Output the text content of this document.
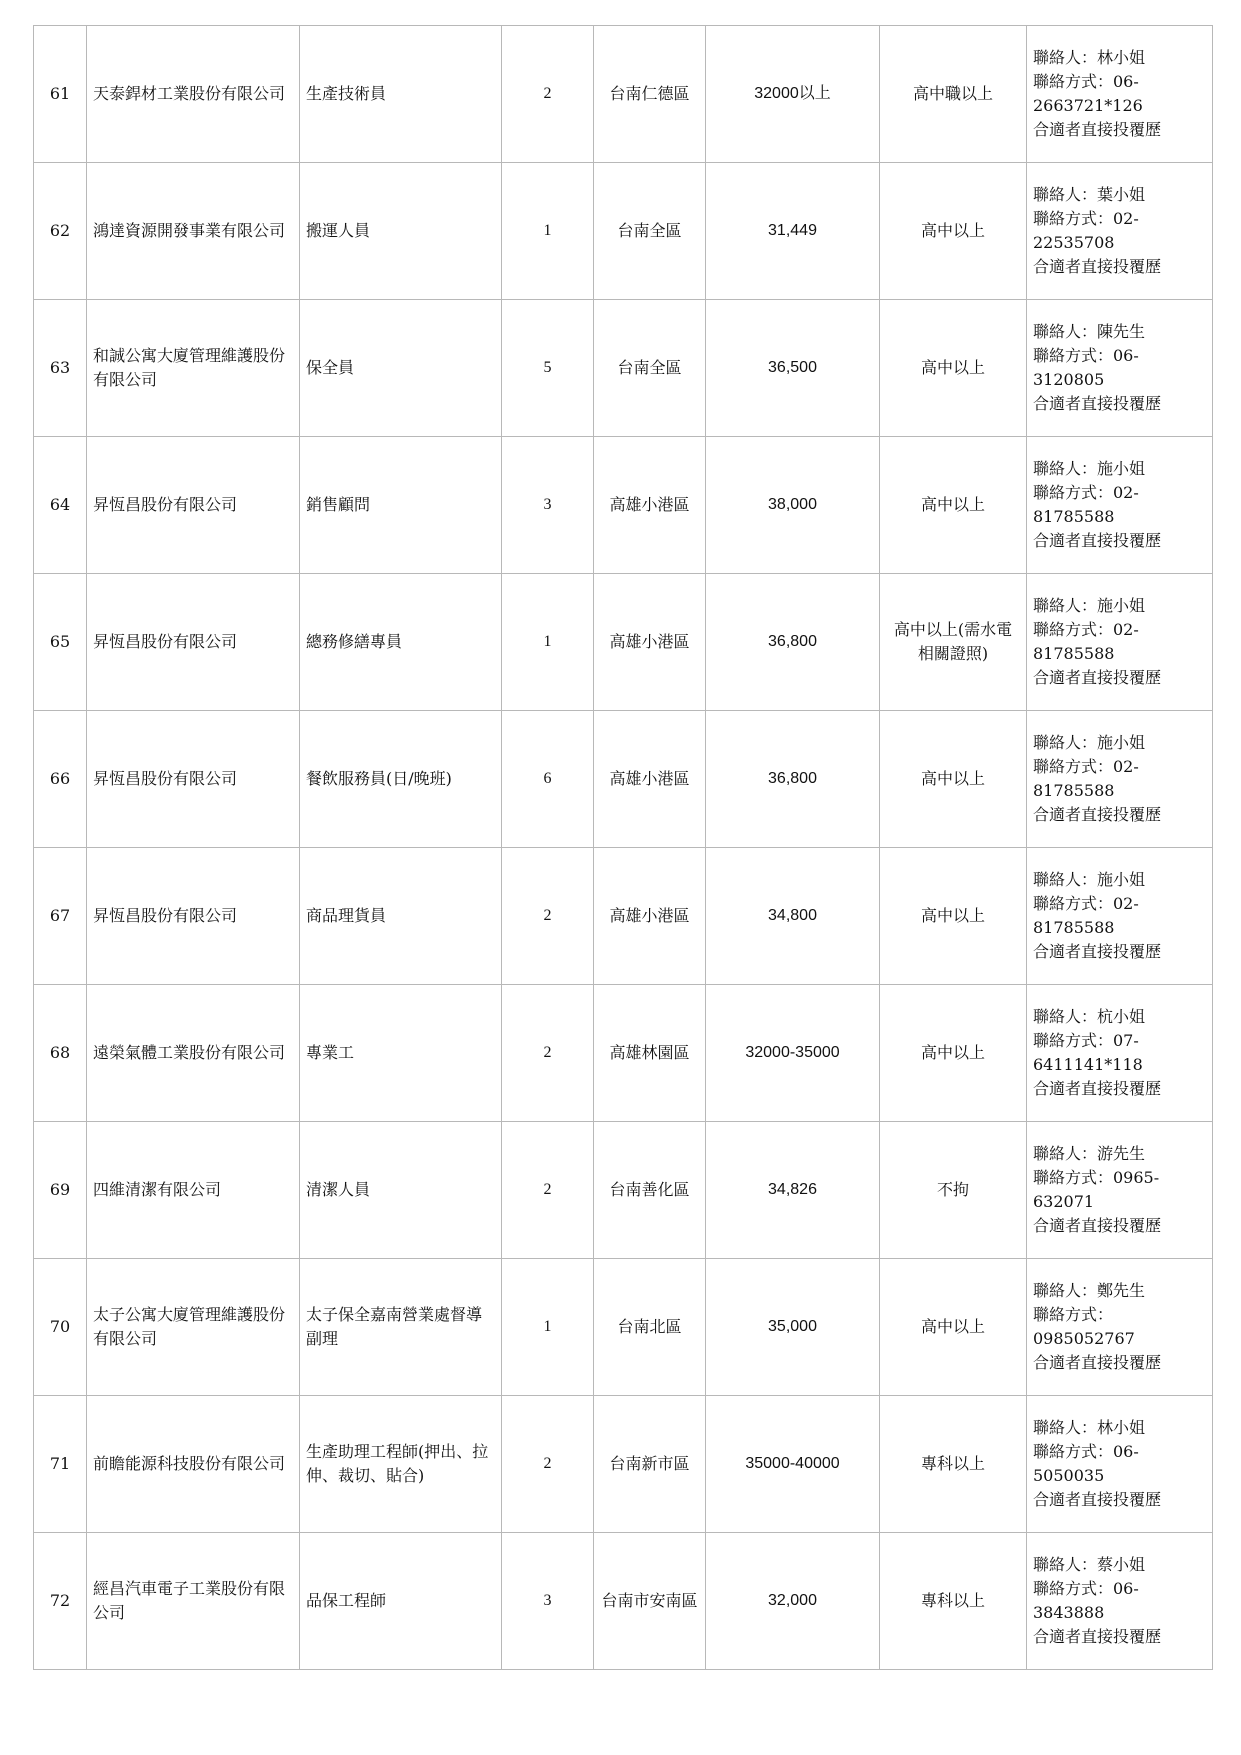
61	天泰銲材工業股份有限公司	生產技術員	2	台南仁德區	32000以上	高中職以上	聯絡人：林小姐
聯絡方式：06-
2663721*126
合適者直接投覆歷

62	鴻達資源開發事業有限公司	搬運人員	1	台南全區	31,449	高中以上	聯絡人：葉小姐
聯絡方式：02-
22535708
合適者直接投覆歷

63	和誠公寓大廈管理維護股份有限公司	保全員	5	台南全區	36,500	高中以上	聯絡人：陳先生
聯絡方式：06-
3120805
合適者直接投覆歷

64	昇恆昌股份有限公司	銷售顧問	3	高雄小港區	38,000	高中以上	聯絡人：施小姐
聯絡方式：02-
81785588
合適者直接投覆歷

65	昇恆昌股份有限公司	總務修繕專員	1	高雄小港區	36,800	高中以上(需水電相關證照)	聯絡人：施小姐
聯絡方式：02-
81785588
合適者直接投覆歷

66	昇恆昌股份有限公司	餐飲服務員(日/晚班)	6	高雄小港區	36,800	高中以上	聯絡人：施小姐
聯絡方式：02-
81785588
合適者直接投覆歷

67	昇恆昌股份有限公司	商品理貨員	2	高雄小港區	34,800	高中以上	聯絡人：施小姐
聯絡方式：02-
81785588
合適者直接投覆歷

68	遠榮氣體工業股份有限公司	專業工	2	高雄林園區	32000-35000	高中以上	聯絡人：杭小姐
聯絡方式：07-
6411141*118
合適者直接投覆歷

69	四維清潔有限公司	清潔人員	2	台南善化區	34,826	不拘	聯絡人：游先生
聯絡方式：0965-
632071
合適者直接投覆歷

70	太子公寓大廈管理維護股份有限公司	太子保全嘉南營業處督導副理	1	台南北區	35,000	高中以上	聯絡人：鄭先生
聯絡方式：
0985052767
合適者直接投覆歷

71	前瞻能源科技股份有限公司	生產助理工程師(押出、拉伸、裁切、貼合)	2	台南新市區	35000-40000	專科以上	聯絡人：林小姐
聯絡方式：06-
5050035
合適者直接投覆歷

72	經昌汽車電子工業股份有限公司	品保工程師	3	台南市安南區	32,000	專科以上	聯絡人：蔡小姐
聯絡方式：06-
3843888
合適者直接投覆歷
